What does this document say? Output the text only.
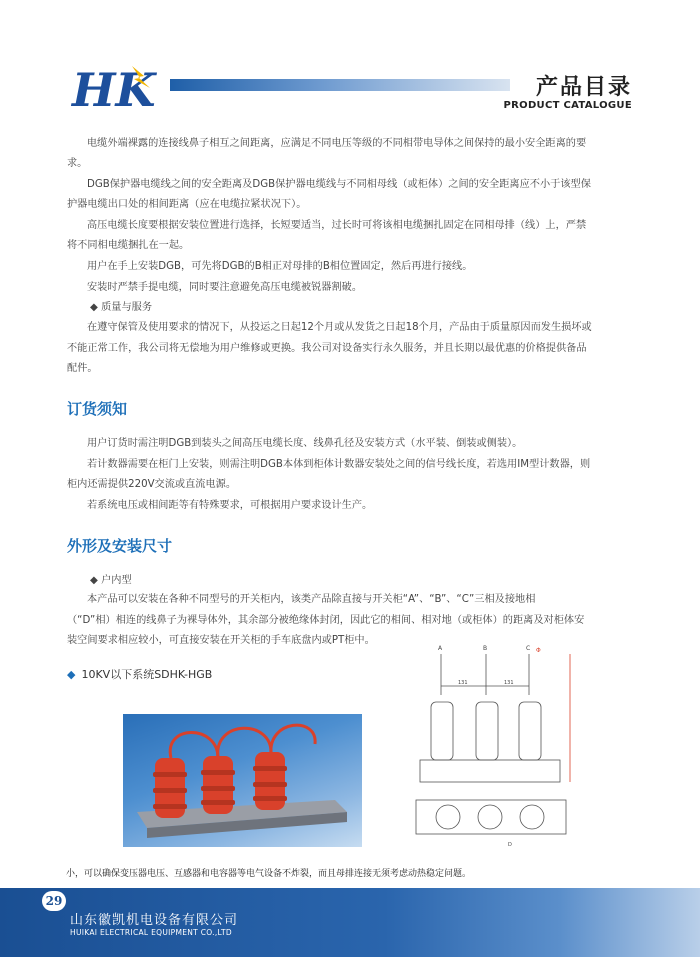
HK	产品目录
PRODUCT CATALOGUE
电缆外端裸露的连接线鼻子相互之间距离，应满足不同电压等级的不同相带电导体之间保持的最小安全距离的要
求。
DGB保护器电缆线之间的安全距离及DGB保护器电缆线与不同相母线（或柜体）之间的安全距离应不小于该型保
护器电缆出口处的相间距离（应在电缆拉紧状况下）。
高压电缆长度要根据安装位置进行选择，长短要适当，过长时可将该相电缆捆扎固定在同相母排（线）上，严禁
将不同相电缆捆扎在一起。
用户在手上安装DGB，可先将DGB的B相正对母排的B相位置固定，然后再进行接线。
安装时严禁手提电缆，同时要注意避免高压电缆被锐器割破。
◆ 质量与服务
在遵守保管及使用要求的情况下，从投运之日起12个月或从发货之日起18个月，产品由于质量原因而发生损坏或
不能正常工作，我公司将无偿地为用户维修或更换。我公司对设备实行永久服务，并且长期以最优惠的价格提供备品
配件。
订货须知
用户订货时需注明DGB到装头之间高压电缆长度、线鼻孔径及安装方式（水平装、倒装或侧装）。
若计数器需要在柜门上安装，则需注明DGB本体到柜体计数器安装处之间的信号线长度，若选用IM型计数器，则
柜内还需提供220V交流或直流电源。
若系统电压或相间距等有特殊要求，可根据用户要求设计生产。
外形及安装尺寸
◆ 户内型
本产品可以安装在各种不同型号的开关柜内，该类产品除直接与开关柜“A”、“B”、“C”三相及接地相
（“D”相）相连的线鼻子为裸导体外，其余部分被绝缘体封闭，因此它的相间、相对地（或柜体）的距离及对柜体安
装空间要求相应较小，可直接安装在开关柜的手车底盘内或PT柜中。
◆ 10KV以下系统SDHK-HGB
A	B	C Φ
131	131
D
小，可以确保变压器电压、互感器和电容器等电气设备不炸裂，而且母排连接无须考虑动热稳定问题。
29
山东徽凯机电设备有限公司
HUIKAI ELECTRICAL EQUIPMENT CO.,LTD
